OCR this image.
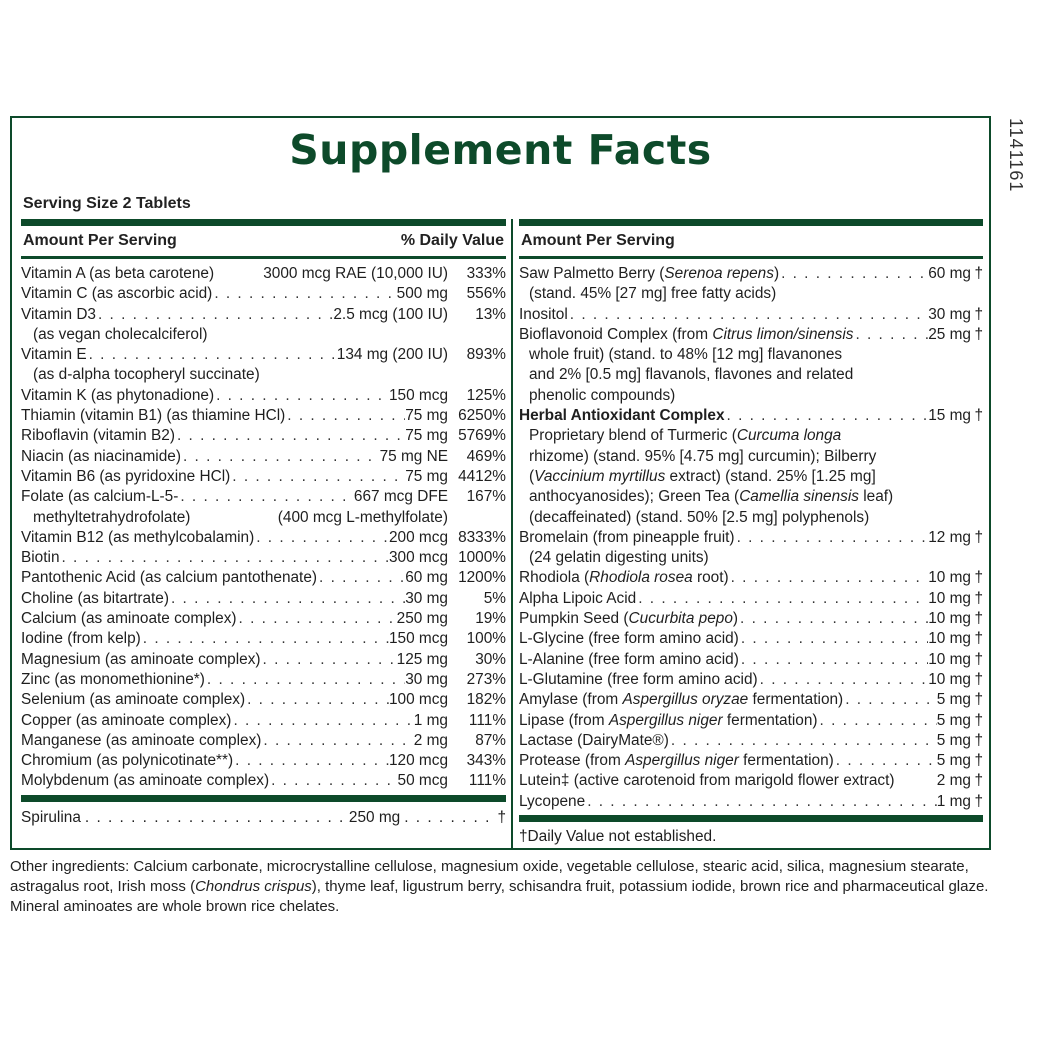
Supplement Facts
Serving Size 2 Tablets
Amount Per Serving	% Daily Value
Vitamin A (as beta carotene)	3000 mcg RAE (10,000 IU)	333%
Vitamin C (as ascorbic acid) . . .	500 mg	556%
Vitamin D3 . . .	2.5 mcg (100 IU)	13%
(as vegan cholecalciferol)
Vitamin E . . .	134 mg (200 IU)	893%
(as d-alpha tocopheryl succinate)
Vitamin K (as phytonadione) . . .	150 mcg	125%
Thiamin (vitamin B1) (as thiamine HCl) . . .	75 mg 6250%
Riboflavin (vitamin B2) . . .	75 mg 5769%
Niacin (as niacinamide) . . .	75 mg NE	469%
Vitamin B6 (as pyridoxine HCl) . . .	75 mg 4412%
Folate (as calcium-L-5- . . .	667 mcg DFE	167%
methyltetrahydrofolate)	(400 mcg L-methylfolate)
Vitamin B12 (as methylcobalamin) . . .	200 mcg 8333%
Biotin . . .	300 mcg 1000%
Pantothenic Acid (as calcium pantothenate) . . .	60 mg 1200%
Choline (as bitartrate) . . .	30 mg	5%
Calcium (as aminoate complex) . . .	250 mg	19%
Iodine (from kelp) . . .	150 mcg	100%
Magnesium (as aminoate complex) . . .	125 mg	30%
Zinc (as monomethionine*) . . .	30 mg	273%
Selenium (as aminoate complex) . . .	100 mcg	182%
Copper (as aminoate complex) . . .	1 mg	111%
Manganese (as aminoate complex) . . .	2 mg	87%
Chromium (as polynicotinate**) . . .	120 mcg	343%
Molybdenum (as aminoate complex) . . .	50 mcg	111%
Spirulina . . .	250 mg . . .	†
Amount Per Serving
Saw Palmetto Berry (Serenoa repens) . . .	60 mg †
(stand. 45% [27 mg] free fatty acids)
Inositol . . .	30 mg †
Bioflavonoid Complex (from Citrus limon/sinensis . . .	25 mg †
whole fruit) (stand. to 48% [12 mg] flavanones
and 2% [0.5 mg] flavanols, flavones and related
phenolic compounds)
Herbal Antioxidant Complex . . .	15 mg †
Proprietary blend of Turmeric (Curcuma longa
rhizome) (stand. 95% [4.75 mg] curcumin); Bilberry
(Vaccinium myrtillus extract) (stand. 25% [1.25 mg]
anthocyanosides); Green Tea (Camellia sinensis leaf)
(decaffeinated) (stand. 50% [2.5 mg] polyphenols)
Bromelain (from pineapple fruit) . . .	12 mg †
(24 gelatin digesting units)
Rhodiola (Rhodiola rosea root) . . .	10 mg †
Alpha Lipoic Acid . . .	10 mg †
Pumpkin Seed (Cucurbita pepo) . . .	10 mg †
L-Glycine (free form amino acid) . . .	10 mg †
L-Alanine (free form amino acid) . . .	10 mg †
L-Glutamine (free form amino acid) . . .	10 mg †
Amylase (from Aspergillus oryzae fermentation) . . .	5 mg †
Lipase (from Aspergillus niger fermentation) . . .	5 mg †
Lactase (DairyMate®) . . .	5 mg †
Protease (from Aspergillus niger fermentation) . . .	5 mg †
Lutein‡ (active carotenoid from marigold flower extract)	2 mg †
Lycopene . . .	1 mg †
†Daily Value not established.
1141161
Other ingredients: Calcium carbonate, microcrystalline cellulose, magnesium oxide, vegetable cellulose, stearic acid, silica, magnesium stearate, astragalus root, Irish moss (Chondrus crispus), thyme leaf, ligustrum berry, schisandra fruit, potassium iodide, brown rice and pharmaceutical glaze. Mineral aminoates are whole brown rice chelates.
